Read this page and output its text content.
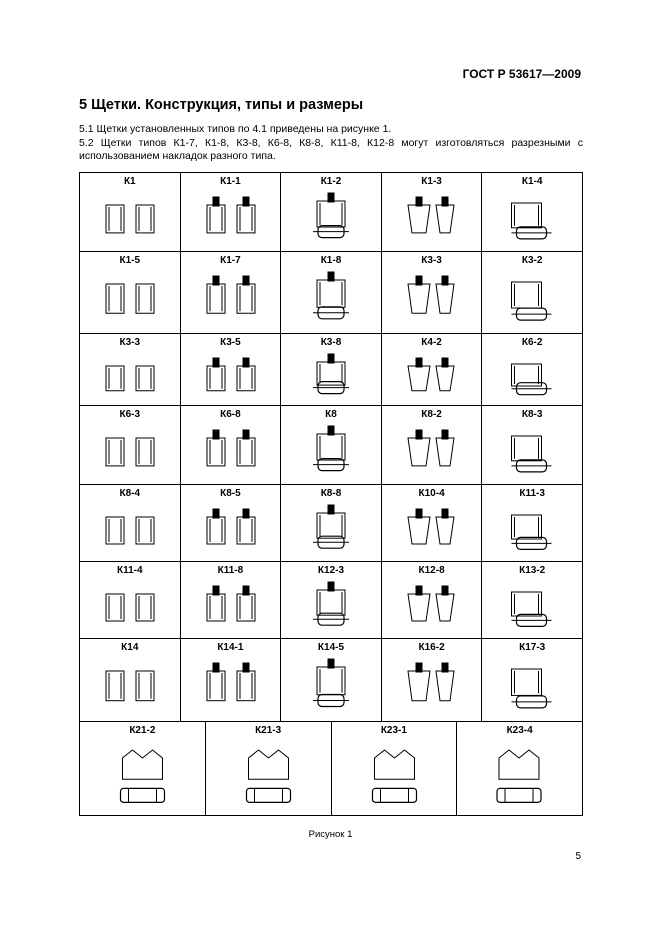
ГОСТ Р 53617—2009
5 Щетки. Конструкция, типы и размеры
5.1 Щетки установленных типов по 4.1 приведены на рисунке 1.
5.2 Щетки типов К1-7, К1-8, К3-8, К6-8, К8-8, К11-8, К12-8 могут изготовляться разрезными с использованием накладок разного типа.
К1	К1-1	К1-2	К1-3	К1-4
К1-5	К1-7	К1-8	К3-3	К3-2
К3-3	К3-5	К3-8	К4-2	К6-2
К6-3	К6-8	К8	К8-2	К8-3
К8-4	К8-5	К8-8	К10-4	К11-3
К11-4	К11-8	К12-3	К12-8	К13-2
К14	К14-1	К14-5	К16-2	К17-3
К21-2	К21-3	К23-1	К23-4
Рисунок 1
5
